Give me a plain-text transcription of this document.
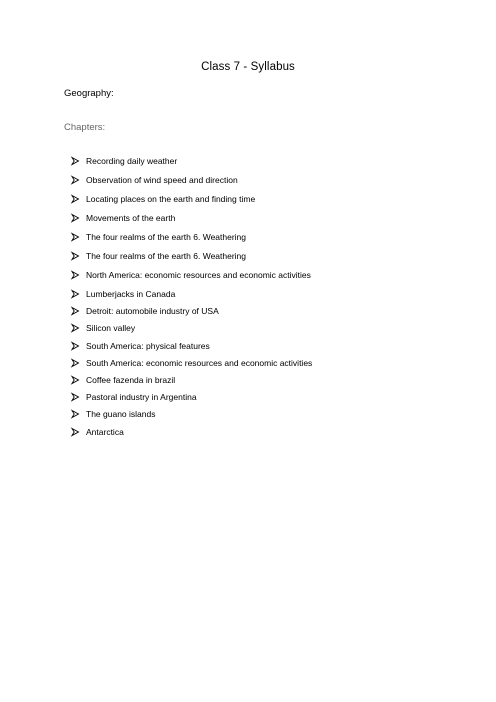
Class 7 - Syllabus
Geography:
Chapters:
Recording daily weather
Observation of wind speed and direction
Locating places on the earth and finding time
Movements of the earth
The four realms of the earth 6. Weathering
The four realms of the earth 6. Weathering
North America: economic resources and economic activities
Lumberjacks in Canada
Detroit: automobile industry of USA
Silicon valley
South America: physical features
South America: economic resources and economic activities
Coffee fazenda in brazil
Pastoral industry in Argentina
The guano islands
Antarctica
